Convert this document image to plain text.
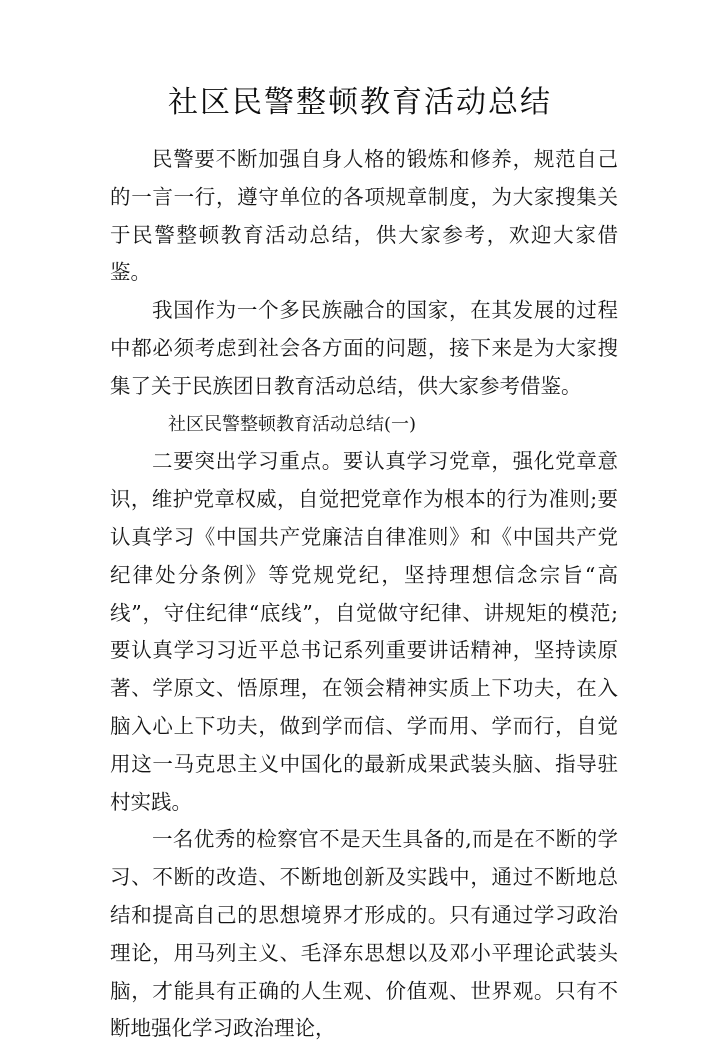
社区民警整顿教育活动总结

民警要不断加强自身人格的锻炼和修养，规范自己的一言一行，遵守单位的各项规章制度，为大家搜集关于民警整顿教育活动总结，供大家参考，欢迎大家借鉴。

我国作为一个多民族融合的国家，在其发展的过程中都必须考虑到社会各方面的问题，接下来是为大家搜集了关于民族团日教育活动总结，供大家参考借鉴。

社区民警整顿教育活动总结(一)

二要突出学习重点。要认真学习党章，强化党章意识，维护党章权威，自觉把党章作为根本的行为准则;要认真学习《中国共产党廉洁自律准则》和《中国共产党纪律处分条例》等党规党纪，坚持理想信念宗旨“高线”，守住纪律“底线”，自觉做守纪律、讲规矩的模范;要认真学习习近平总书记系列重要讲话精神，坚持读原著、学原文、悟原理，在领会精神实质上下功夫，在入脑入心上下功夫，做到学而信、学而用、学而行，自觉用这一马克思主义中国化的最新成果武装头脑、指导驻村实践。

一名优秀的检察官不是天生具备的,而是在不断的学习、不断的改造、不断地创新及实践中，通过不断地总结和提高自己的思想境界才形成的。只有通过学习政治理论，用马列主义、毛泽东思想以及邓小平理论武装头脑，才能具有正确的人生观、价值观、世界观。只有不断地强化学习政治理论，
